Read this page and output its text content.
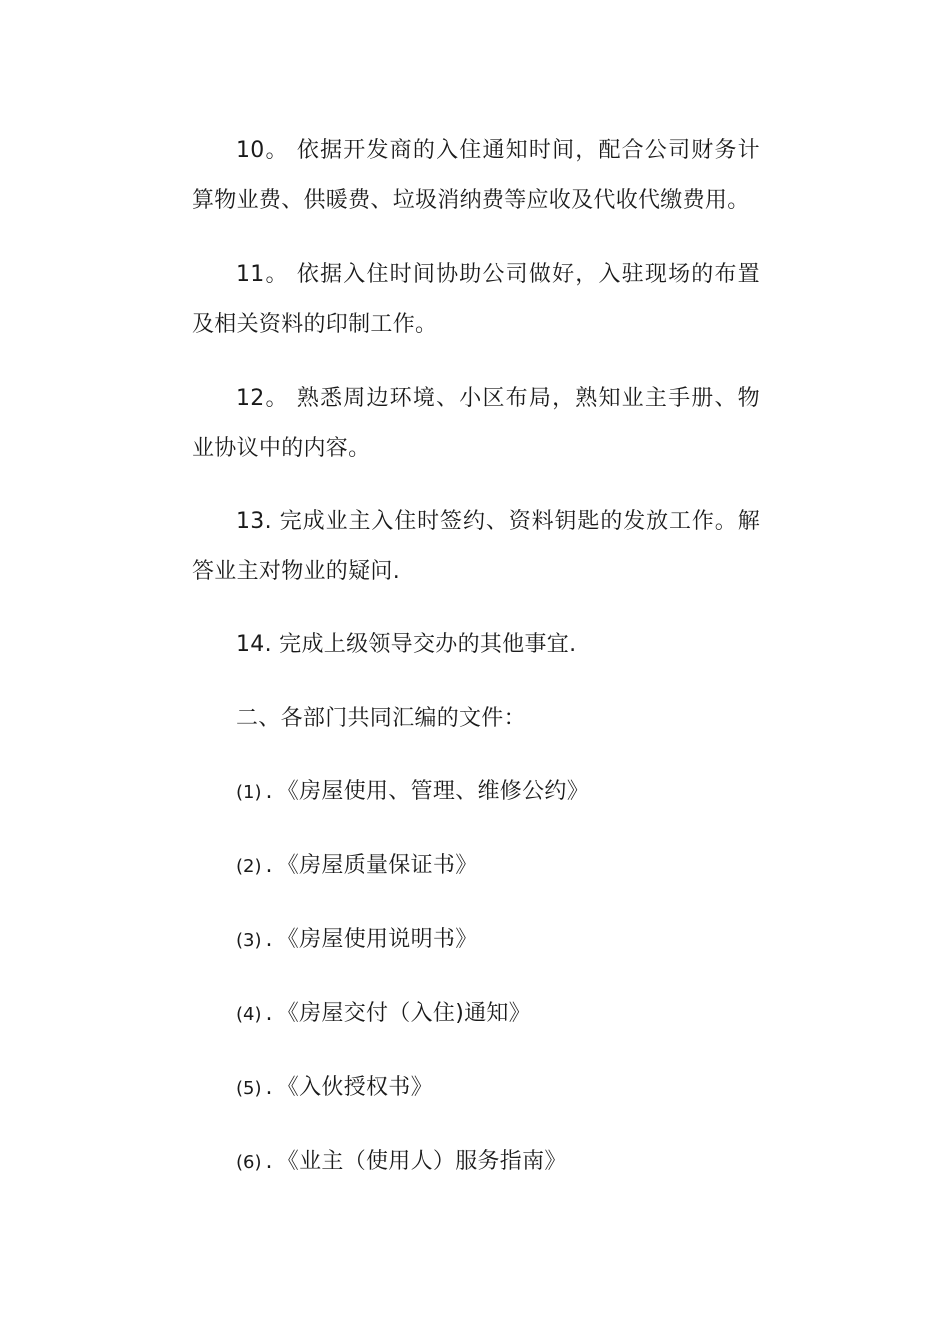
10。 依据开发商的入住通知时间，配合公司财务计算物业费、供暖费、垃圾消纳费等应收及代收代缴费用。

11。 依据入住时间协助公司做好，入驻现场的布置及相关资料的印制工作。

12。 熟悉周边环境、小区布局，熟知业主手册、物业协议中的内容。

13. 完成业主入住时签约、资料钥匙的发放工作。解答业主对物业的疑问.

14. 完成上级领导交办的其他事宜.

二、各部门共同汇编的文件：

(1) . 《房屋使用、管理、维修公约》
(2) . 《房屋质量保证书》
(3) . 《房屋使用说明书》
(4) . 《房屋交付（入住)通知》
(5) . 《入伙授权书》
(6) . 《业主（使用人）服务指南》
